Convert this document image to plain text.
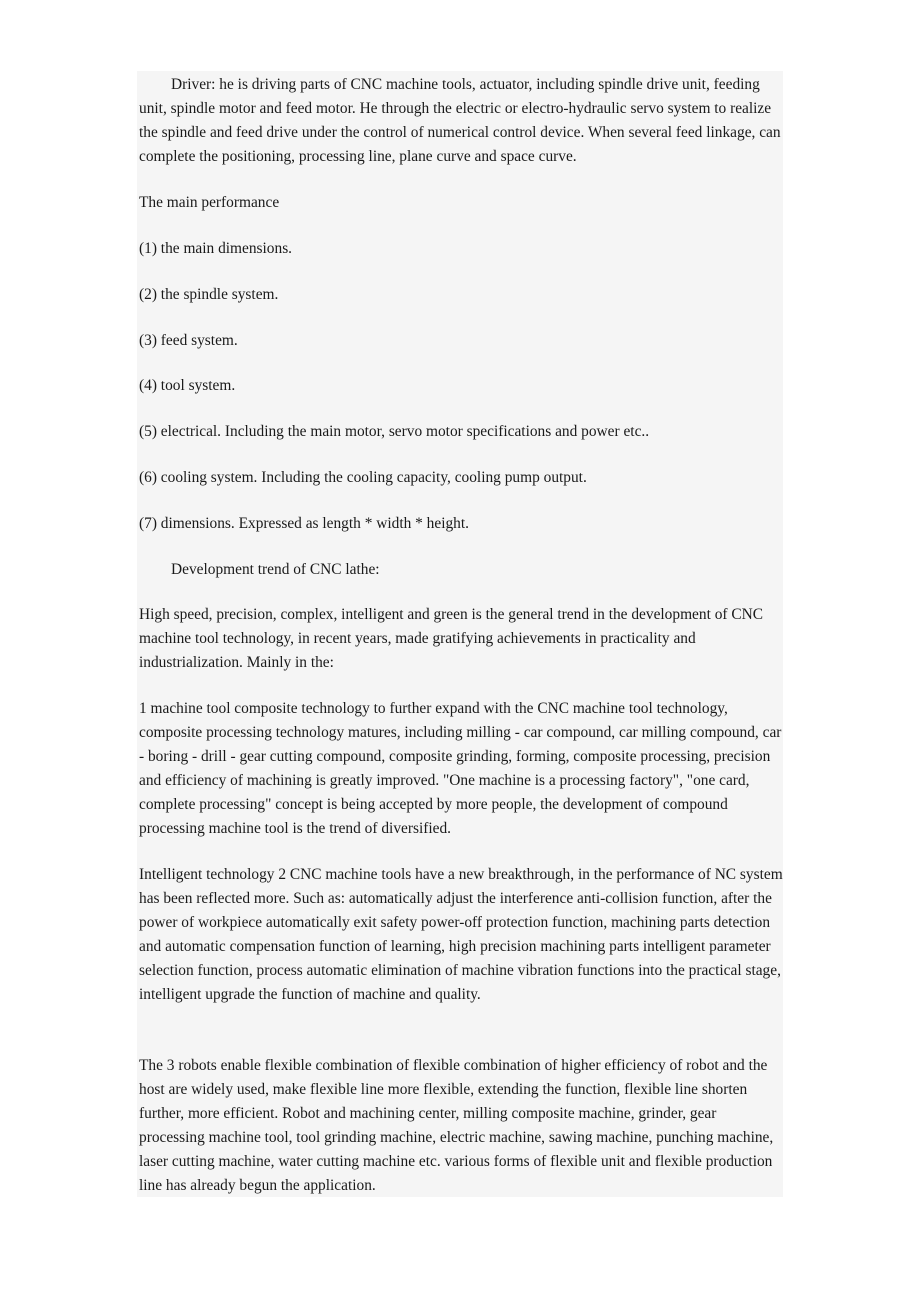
Driver: he is driving parts of CNC machine tools, actuator, including spindle drive unit, feeding unit, spindle motor and feed motor. He through the electric or electro-hydraulic servo system to realize the spindle and feed drive under the control of numerical control device. When several feed linkage, can complete the positioning, processing line, plane curve and space curve.

The main performance

(1) the main dimensions.

(2) the spindle system.

(3) feed system.

(4) tool system.

(5) electrical. Including the main motor, servo motor specifications and power etc..

(6) cooling system. Including the cooling capacity, cooling pump output.

(7) dimensions. Expressed as length * width * height.

Development trend of CNC lathe:

High speed, precision, complex, intelligent and green is the general trend in the development of CNC machine tool technology, in recent years, made gratifying achievements in practicality and industrialization. Mainly in the:

1 machine tool composite technology to further expand with the CNC machine tool technology, composite processing technology matures, including milling - car compound, car milling compound, car - boring - drill - gear cutting compound, composite grinding, forming, composite processing, precision and efficiency of machining is greatly improved. "One machine is a processing factory", "one card, complete processing" concept is being accepted by more people, the development of compound processing machine tool is the trend of diversified.

Intelligent technology 2 CNC machine tools have a new breakthrough, in the performance of NC system has been reflected more. Such as: automatically adjust the interference anti-collision function, after the power of workpiece automatically exit safety power-off protection function, machining parts detection and automatic compensation function of learning, high precision machining parts intelligent parameter selection function, process automatic elimination of machine vibration functions into the practical stage, intelligent upgrade the function of machine and quality.

The 3 robots enable flexible combination of flexible combination of higher efficiency of robot and the host are widely used, make flexible line more flexible, extending the function, flexible line shorten further, more efficient. Robot and machining center, milling composite machine, grinder, gear processing machine tool, tool grinding machine, electric machine, sawing machine, punching machine, laser cutting machine, water cutting machine etc. various forms of flexible unit and flexible production line has already begun the application.
